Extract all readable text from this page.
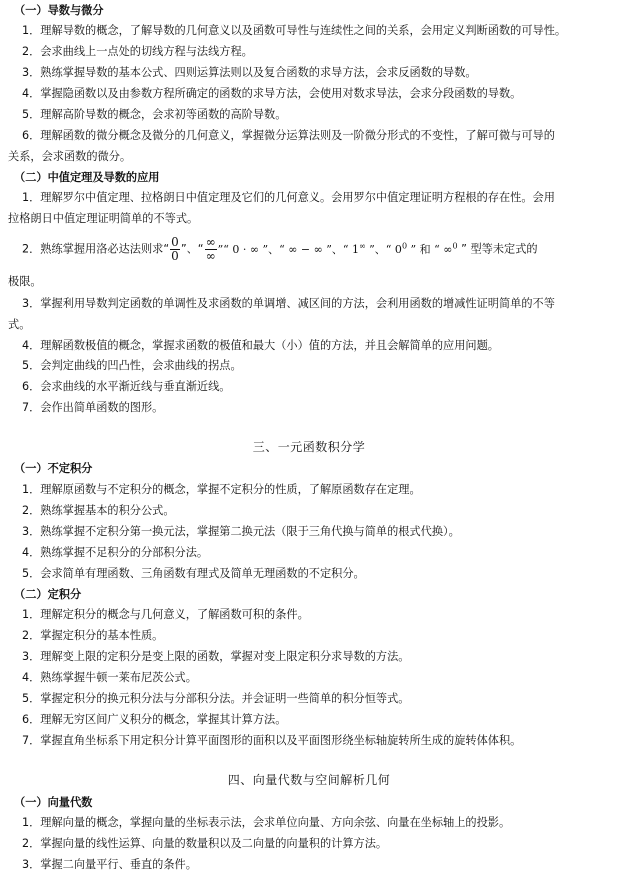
（一）导数与微分
1．理解导数的概念，了解导数的几何意义以及函数可导性与连续性之间的关系，会用定义判断函数的可导性。
2．会求曲线上一点处的切线方程与法线方程。
3．熟练掌握导数的基本公式、四则运算法则以及复合函数的求导方法，会求反函数的导数。
4．掌握隐函数以及由参数方程所确定的函数的求导方法，会使用对数求导法，会求分段函数的导数。
5．理解高阶导数的概念，会求初等函数的高阶导数。
6．理解函数的微分概念及微分的几何意义，掌握微分运算法则及一阶微分形式的不变性，了解可微与可导的
关系，会求函数的微分。
（二）中值定理及导数的应用
1．理解罗尔中值定理、拉格朗日中值定理及它们的几何意义。会用罗尔中值定理证明方程根的存在性。会用
拉格朗日中值定理证明简单的不等式。
2．熟练掌握用洛必达法则求“ $\frac{0}{0}$ ”、“ $\frac{\infty}{\infty}$ ”“ 0 · ∞ ”、“ ∞ − ∞ ”、“ 1∞ ”、“ $0^0$ ” 和 “ ∞$^0$ ” 型等未定式的
极限。
3．掌握利用导数判定函数的单调性及求函数的单调增、减区间的方法，会利用函数的增减性证明简单的不等
式。
4．理解函数极值的概念，掌握求函数的极值和最大（小）值的方法，并且会解简单的应用问题。
5．会判定曲线的凹凸性，会求曲线的拐点。
6．会求曲线的水平渐近线与垂直渐近线。
7．会作出简单函数的图形。
三、一元函数积分学
（一）不定积分
1．理解原函数与不定积分的概念，掌握不定积分的性质，了解原函数存在定理。
2．熟练掌握基本的积分公式。
3．熟练掌握不定积分第一换元法，掌握第二换元法（限于三角代换与简单的根式代换）。
4．熟练掌握不足积分的分部积分法。
5．会求简单有理函数、三角函数有理式及简单无理函数的不定积分。
（二）定积分
1．理解定积分的概念与几何意义，了解函数可积的条件。
2．掌握定积分的基本性质。
3．理解变上限的定积分是变上限的函数，掌握对变上限定积分求导数的方法。
4．熟练掌握牛顿一莱布尼茨公式。
5．掌握定积分的换元积分法与分部积分法。并会证明一些简单的积分恒等式。
6．理解无穷区间广义积分的概念，掌握其计算方法。
7．掌握直角坐标系下用定积分计算平面图形的面积以及平面图形绕坐标轴旋转所生成的旋转体体积。
四、向量代数与空间解析几何
（一）向量代数
1．理解向量的概念，掌握向量的坐标表示法，会求单位向量、方向余弦、向量在坐标轴上的投影。
2．掌握向量的线性运算、向量的数量积以及二向量的向量积的计算方法。
3．掌握二向量平行、垂直的条件。
